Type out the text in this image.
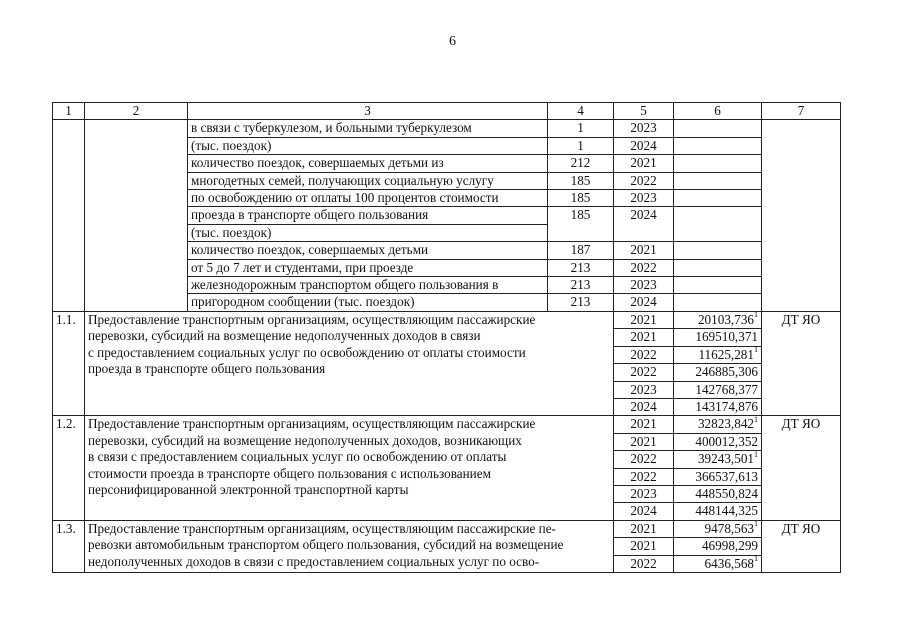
6
1	2	3	4	5	6	7
		в связи с туберкулезом, и больными туберкулезом	1	2023		
		(тыс. поездок)	1	2024		
		количество поездок, совершаемых детьми из	212	2021		
		многодетных семей, получающих социальную услугу	185	2022		
		по освобождению от оплаты 100 процентов стоимости	185	2023		
		проезда в транспорте общего пользования	185	2024		
		(тыс. поездок)				
		количество поездок, совершаемых детьми	187	2021		
		от 5 до 7 лет и студентами, при проезде	213	2022		
		железнодорожным транспортом общего пользования в	213	2023		
		пригородном сообщении (тыс. поездок)	213	2024		
1.1.	Предоставление транспортным организациям, осуществляющим пассажирские
перевозки, субсидий на возмещение недополученных доходов в связи
с предоставлением социальных услуг по освобождению от оплаты стоимости
проезда в транспорте общего пользования			2021	20103,736$^1$	ДТ ЯО
				2021	169510,371	
				2022	11625,281$^1$
				2022	246885,306	
				2023	142768,377	
				2024	143174,876	
1.2.	Предоставление транспортным организациям, осуществляющим пассажирские
перевозки, субсидий на возмещение недополученных доходов, возникающих
в связи с предоставлением социальных услуг по освобождению от оплаты
стоимости проезда в транспорте общего пользования с использованием
персонифицированной электронной транспортной карты			2021	32823,842$^1$	ДТ ЯО
				2021	400012,352	
				2022	39243,501$^1$
				2022	366537,613	
				2023	448550,824	
				2024	448144,325	
1.3.	Предоставление транспортным организациям, осуществляющим пассажирские пе-
ревозки автомобильным транспортом общего пользования, субсидий на возмещение
недополученных доходов в связи с предоставлением социальных услуг по осво-			2021	9478,563$^1$	ДТ ЯО
				2021	46998,299	
				2022	6436,568$^1$
